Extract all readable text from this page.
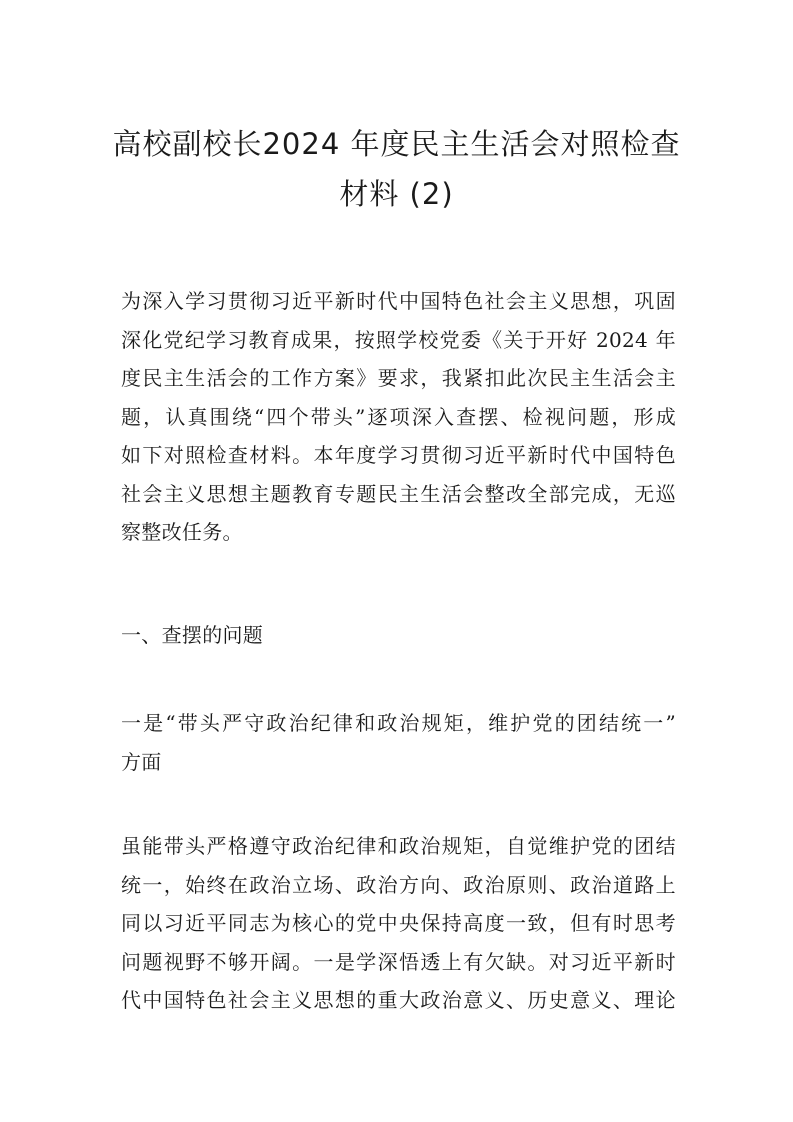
高校副校长2024 年度民主生活会对照检查
材料 (2)
为深入学习贯彻习近平新时代中国特色社会主义思想，巩固
深化党纪学习教育成果，按照学校党委《关于开好 2024 年
度民主生活会的工作方案》要求，我紧扣此次民主生活会主
题，认真围绕“四个带头”逐项深入查摆、检视问题，形成
如下对照检查材料。本年度学习贯彻习近平新时代中国特色
社会主义思想主题教育专题民主生活会整改全部完成，无巡
察整改任务。
一、查摆的问题
一是“带头严守政治纪律和政治规矩，维护党的团结统一”
方面
虽能带头严格遵守政治纪律和政治规矩，自觉维护党的团结
统一，始终在政治立场、政治方向、政治原则、政治道路上
同以习近平同志为核心的党中央保持高度一致，但有时思考
问题视野不够开阔。一是学深悟透上有欠缺。对习近平新时
代中国特色社会主义思想的重大政治意义、历史意义、理论
